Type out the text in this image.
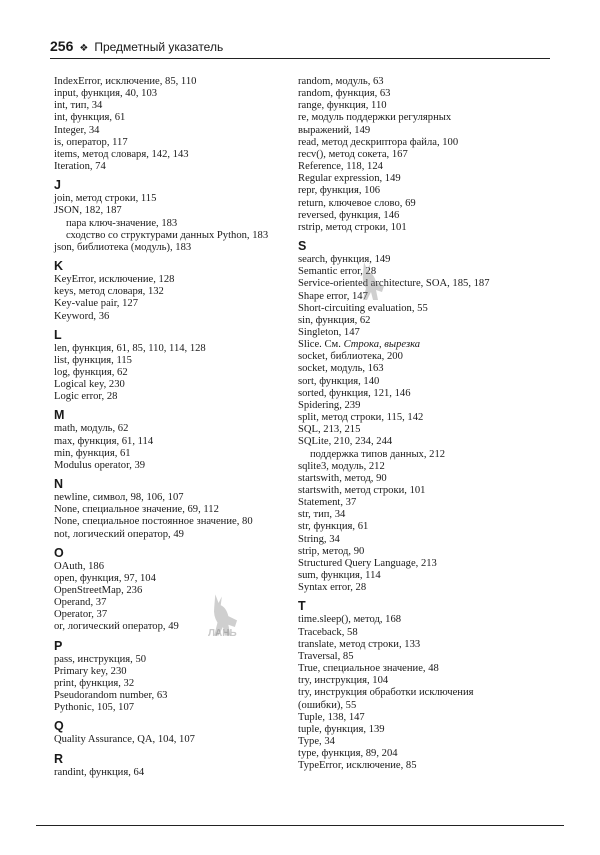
256 ❖ Предметный указатель
IndexError, исключение, 85, 110
input, функция, 40, 103
int, тип, 34
int, функция, 61
Integer, 34
is, оператор, 117
items, метод словаря, 142, 143
Iteration, 74
J
join, метод строки, 115
JSON, 182, 187
пара ключ-значение, 183
сходство со структурами данных Python, 183
json, библиотека (модуль), 183
K
KeyError, исключение, 128
keys, метод словаря, 132
Key-value pair, 127
Keyword, 36
L
len, функция, 61, 85, 110, 114, 128
list, функция, 115
log, функция, 62
Logical key, 230
Logic error, 28
M
math, модуль, 62
max, функция, 61, 114
min, функция, 61
Modulus operator, 39
N
newline, символ, 98, 106, 107
None, специальное значение, 69, 112
None, специальное постоянное значение, 80
not, логический оператор, 49
O
OAuth, 186
open, функция, 97, 104
OpenStreetMap, 236
Operand, 37
Operator, 37
or, логический оператор, 49
P
pass, инструкция, 50
Primary key, 230
print, функция, 32
Pseudorandom number, 63
Pythonic, 105, 107
Q
Quality Assurance, QA, 104, 107
R
randint, функция, 64
random, модуль, 63
random, функция, 63
range, функция, 110
re, модуль поддержки регулярных
выражений, 149
read, метод дескриптора файла, 100
recv(), метод сокета, 167
Reference, 118, 124
Regular expression, 149
repr, функция, 106
return, ключевое слово, 69
reversed, функция, 146
rstrip, метод строки, 101
S
search, функция, 149
Semantic error, 28
Service-oriented architecture, SOA, 185, 187
Shape error, 147
Short-circuiting evaluation, 55
sin, функция, 62
Singleton, 147
Slice. См. Строка, вырезка
socket, библиотека, 200
socket, модуль, 163
sort, функция, 140
sorted, функция, 121, 146
Spidering, 239
split, метод строки, 115, 142
SQL, 213, 215
SQLite, 210, 234, 244
поддержка типов данных, 212
sqlite3, модуль, 212
startswith, метод, 90
startswith, метод строки, 101
Statement, 37
str, тип, 34
str, функция, 61
String, 34
strip, метод, 90
Structured Query Language, 213
sum, функция, 114
Syntax error, 28
T
time.sleep(), метод, 168
Traceback, 58
translate, метод строки, 133
Traversal, 85
True, специальное значение, 48
try, инструкция, 104
try, инструкция обработки исключения
(ошибки), 55
Tuple, 138, 147
tuple, функция, 139
Type, 34
type, функция, 89, 204
TypeError, исключение, 85
ЛАНЬ
